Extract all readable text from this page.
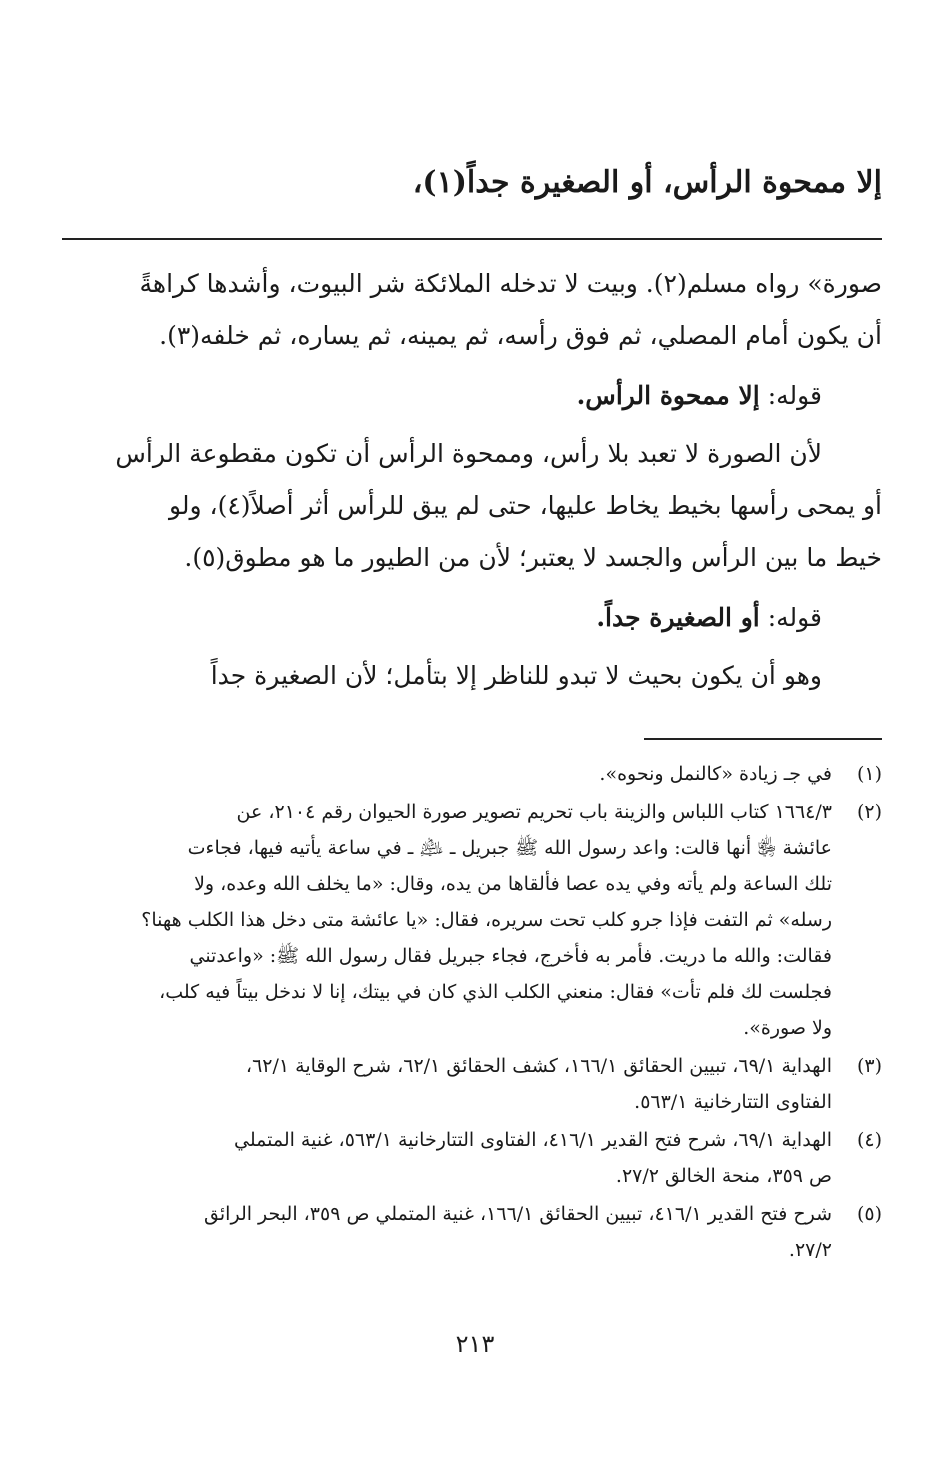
إلا ممحوة الرأس، أو الصغيرة جداً(١)،

صورة» رواه مسلم(٢). وبيت لا تدخله الملائكة شر البيوت، وأشدها كراهةً

أن يكون أمام المصلي، ثم فوق رأسه، ثم يمينه، ثم يساره، ثم خلفه(٣).

قوله: إلا ممحوة الرأس.

لأن الصورة لا تعبد بلا رأس، وممحوة الرأس أن تكون مقطوعة الرأس

أو يمحى رأسها بخيط يخاط عليها، حتى لم يبق للرأس أثر أصلاً(٤)، ولو

خيط ما بين الرأس والجسد لا يعتبر؛ لأن من الطيور ما هو مطوق(٥).

قوله: أو الصغيرة جداً.

وهو أن يكون بحيث لا تبدو للناظر إلا بتأمل؛ لأن الصغيرة جداً

(١)
في جـ زيادة «كالنمل ونحوه».
(٢)
١٦٦٤/٣ كتاب اللباس والزينة باب تحريم تصوير صورة الحيوان رقم ٢١٠٤، عن
عائشة ﵂ أنها قالت: واعد رسول الله ﷺ جبريل ـ ﵇ ـ في ساعة يأتيه فيها، فجاءت
تلك الساعة ولم يأته وفي يده عصا فألقاها من يده، وقال: «ما يخلف الله وعده، ولا
رسله» ثم التفت فإذا جرو كلب تحت سريره، فقال: «يا عائشة متى دخل هذا الكلب ههنا؟
فقالت: والله ما دريت. فأمر به فأخرج، فجاء جبريل فقال رسول الله ﷺ: «واعدتني
فجلست لك فلم تأت» فقال: منعني الكلب الذي كان في بيتك، إنا لا ندخل بيتاً فيه كلب،
ولا صورة».
(٣)
الهداية ٦٩/١، تبيين الحقائق ١٦٦/١، كشف الحقائق ٦٢/١، شرح الوقاية ٦٢/١،
الفتاوى التتارخانية ٥٦٣/١.
(٤)
الهداية ٦٩/١، شرح فتح القدير ٤١٦/١، الفتاوى التتارخانية ٥٦٣/١، غنية المتملي
ص ٣٥٩، منحة الخالق ٢٧/٢.
(٥)
شرح فتح القدير ٤١٦/١، تبيين الحقائق ١٦٦/١، غنية المتملي ص ٣٥٩، البحر الرائق
٢٧/٢.
٢١٣
